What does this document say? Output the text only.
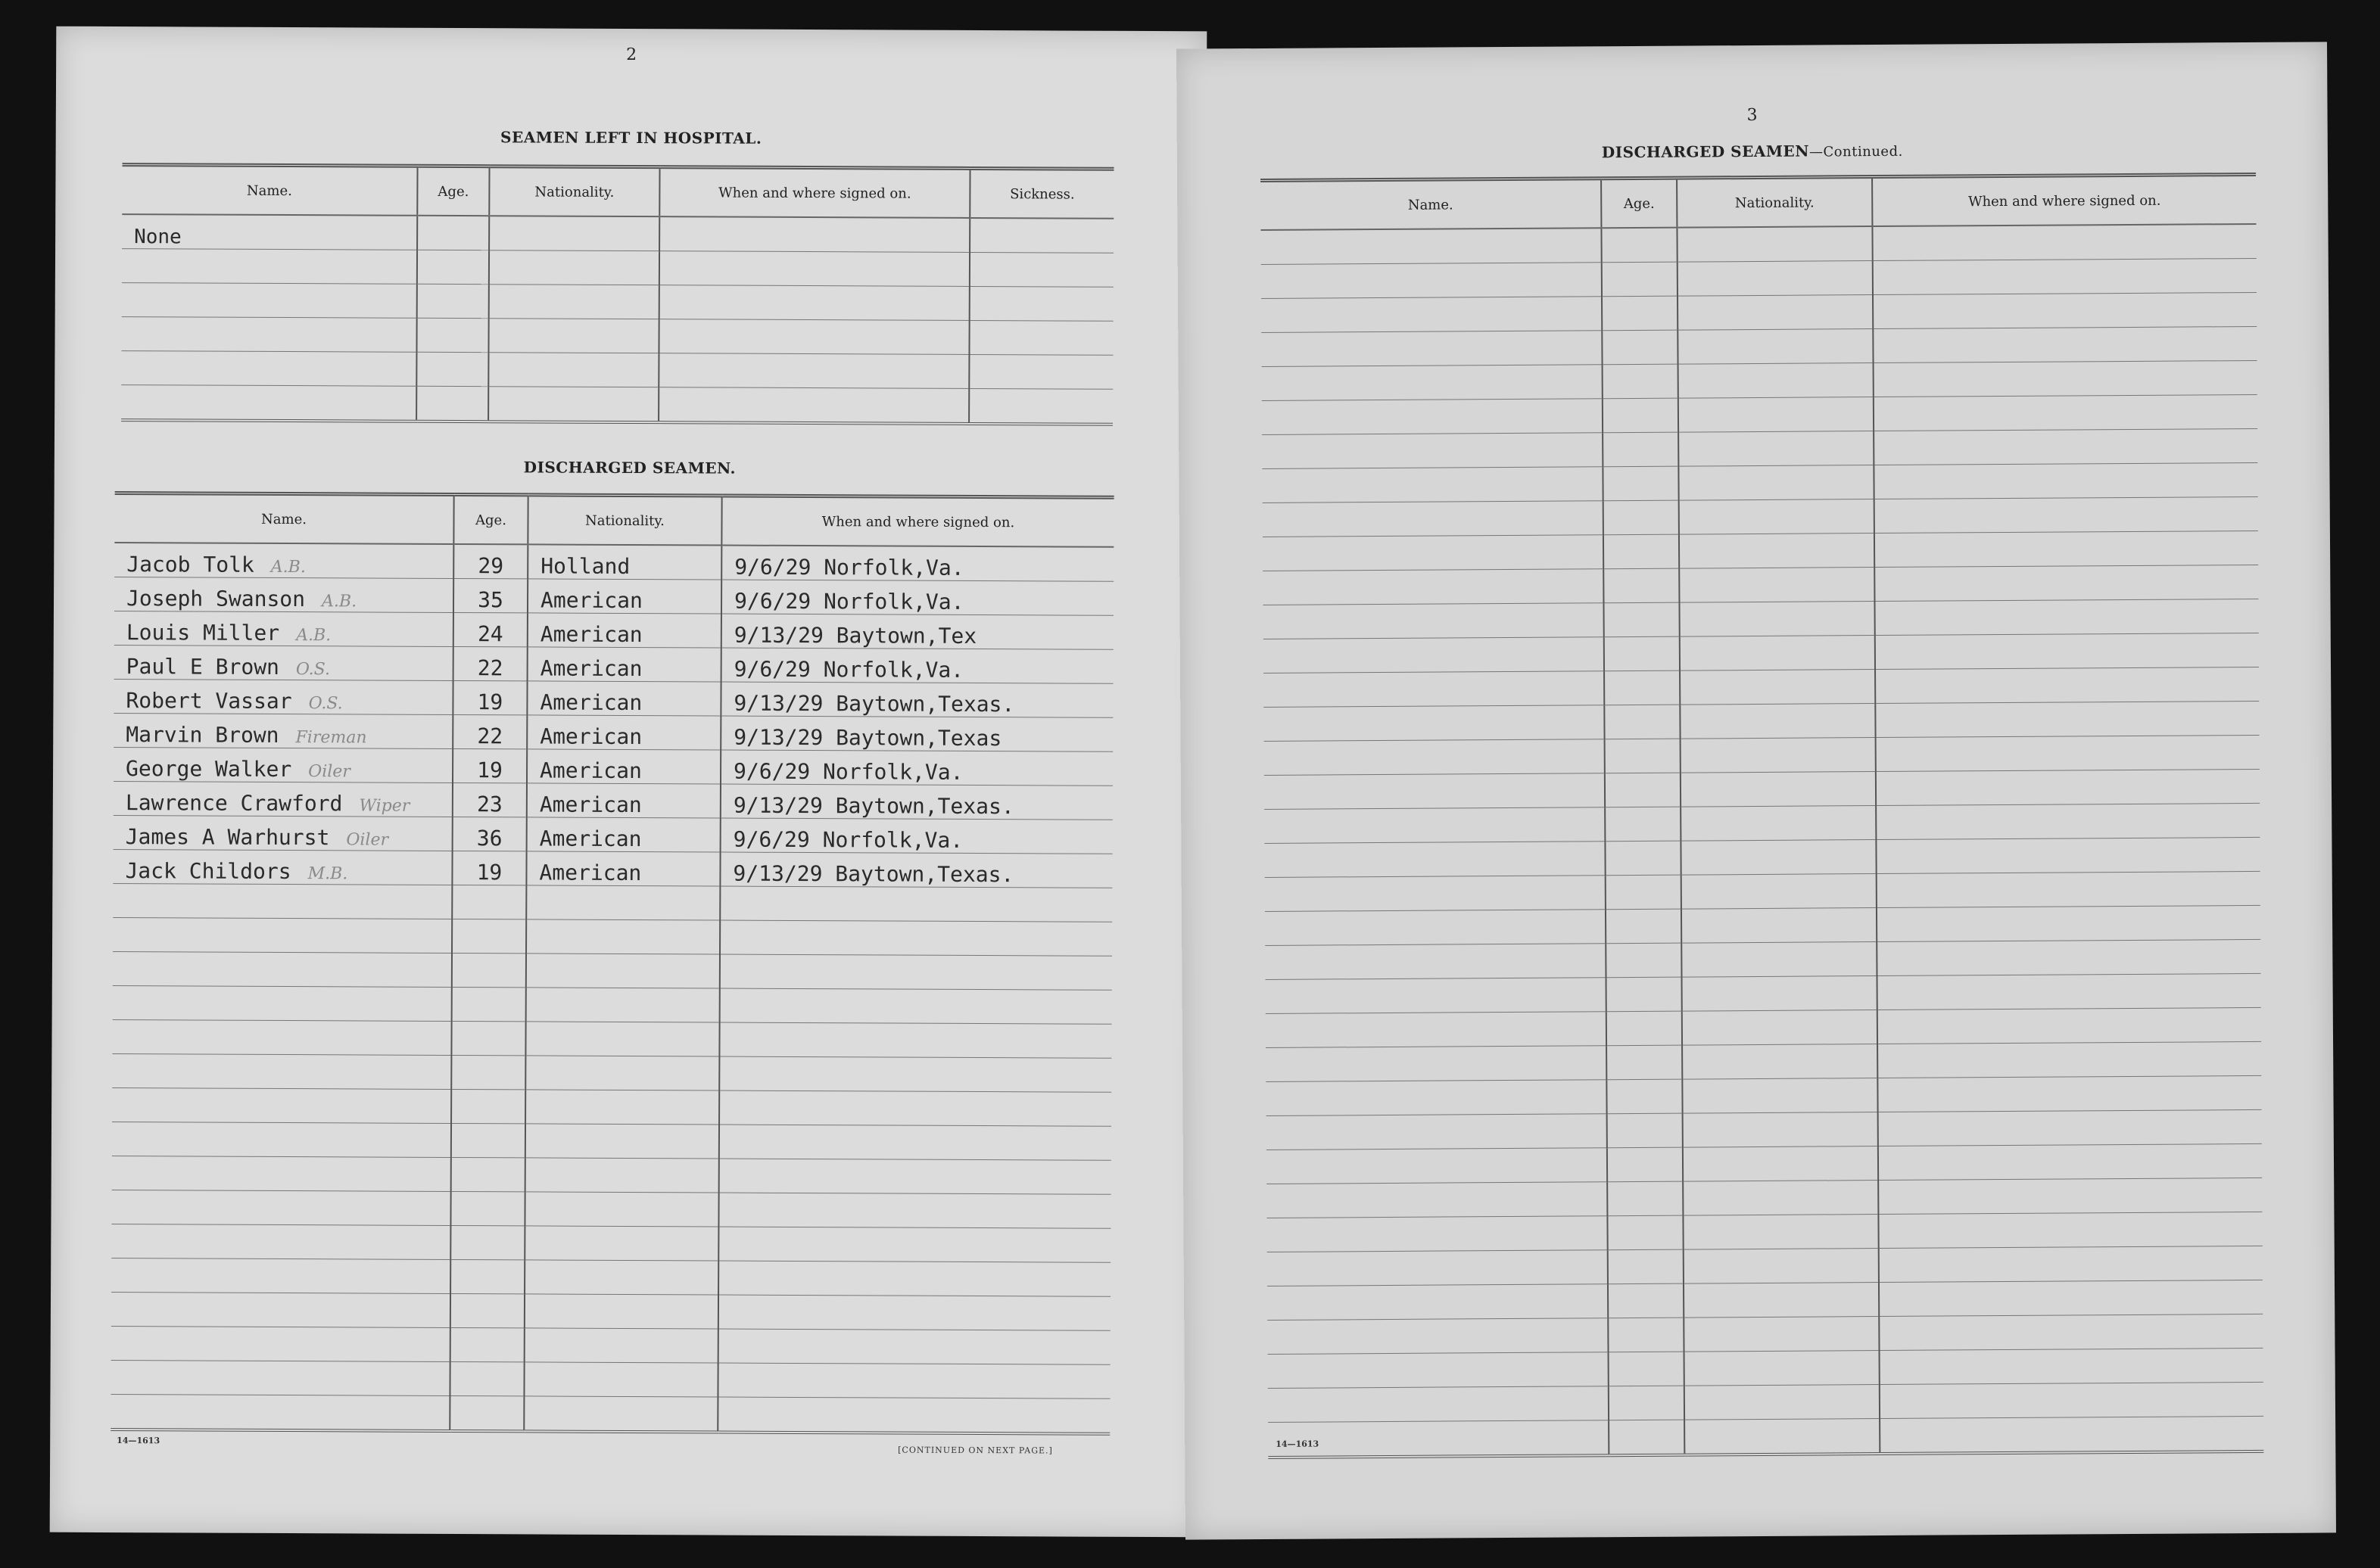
2
SEAMEN LEFT IN HOSPITAL.
Name.	Age.	Nationality.	When and where signed on.	Sickness.
None				

DISCHARGED SEAMEN.
Name.	Age.	Nationality.	When and where signed on.
Jacob Tolk A.B.	29	Holland	9/6/29 Norfolk,Va.
Joseph Swanson A.B.	35	American	9/6/29 Norfolk,Va.
Louis Miller A.B.	24	American	9/13/29 Baytown,Tex
Paul E Brown O.S.	22	American	9/6/29 Norfolk,Va.
Robert Vassar O.S.	19	American	9/13/29 Baytown,Texas.
Marvin Brown Fireman	22	American	9/13/29 Baytown,Texas
George Walker Oiler	19	American	9/6/29 Norfolk,Va.
Lawrence Crawford Wiper	23	American	9/13/29 Baytown,Texas.
James A Warhurst Oiler	36	American	9/6/29 Norfolk,Va.
Jack Childors M.B.	19	American	9/13/29 Baytown,Texas.

14—1613
[CONTINUED ON NEXT PAGE.]
3
DISCHARGED SEAMEN—Continued.
Name.	Age.	Nationality.	When and where signed on.

14—1613
